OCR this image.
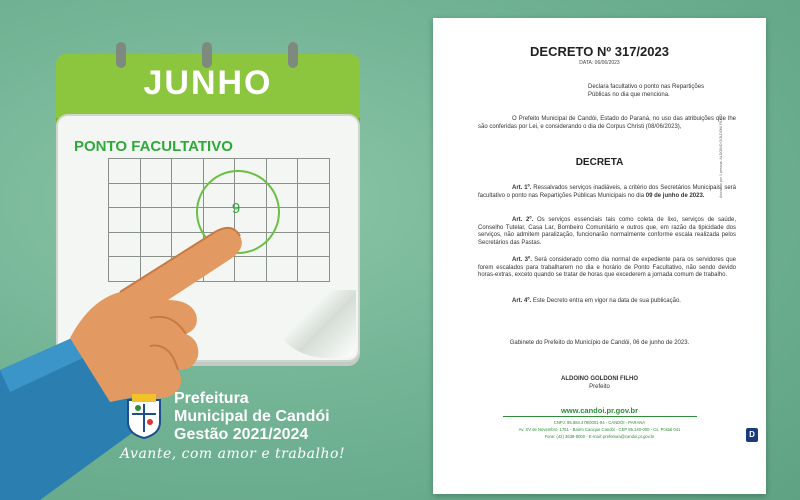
JUNHO
PONTO FACULTATIVO
9
Prefeitura
Municipal de Candói
Gestão 2021/2024
Avante, com amor e trabalho!
DECRETO Nº 317/2023
DATA: 06/06/2023
Declara facultativo o ponto nas Repartições Públicas no dia que menciona.
O Prefeito Municipal de Candói, Estado do Paraná, no uso das atribuições que lhe são conferidas por Lei, e considerando o dia de Corpus Christi (08/06/2023),
DECRETA
Art. 1º. Ressalvados serviços inadiáveis, a critério dos Secretários Municipais, será facultativo o ponto nas Repartições Públicas Municipais no dia 09 de junho de 2023.
Art. 2º. Os serviços essenciais tais como coleta de lixo, serviços de saúde, Conselho Tutelar, Casa Lar, Bombeiro Comunitário e outros que, em razão da tipicidade dos serviços, não admitem paralização, funcionarão normalmente conforme escala realizada pelos Secretários das Pastas.
Art. 3º. Será considerado como dia normal de expediente para os servidores que forem escalados para trabalharem no dia e horário de Ponto Facultativo, não sendo devido horas-extras, exceto quando se tratar de horas que excederem a jornada comum de trabalho.
Art. 4º. Este Decreto entra em vigor na data de sua publicação.
Gabinete do Prefeito do Município de Candói, 06 de junho de 2023.
ALDOINO GOLDONI FILHO
Prefeito
www.candoi.pr.gov.br
CNPJ: 95.684.478/0001-94 - CANDÓI - PARANÁ
Av. XV de Novembro, 1761 - Bairro Cacique Candói - CEP 85.140-000 - Cx. Postal 041
Fone: (42) 3638-8000 - E-mail: prefeitura@candoi.pr.gov.br
Assinado por 1 pessoa: ALDOINO GOLDONI FILHO
D
